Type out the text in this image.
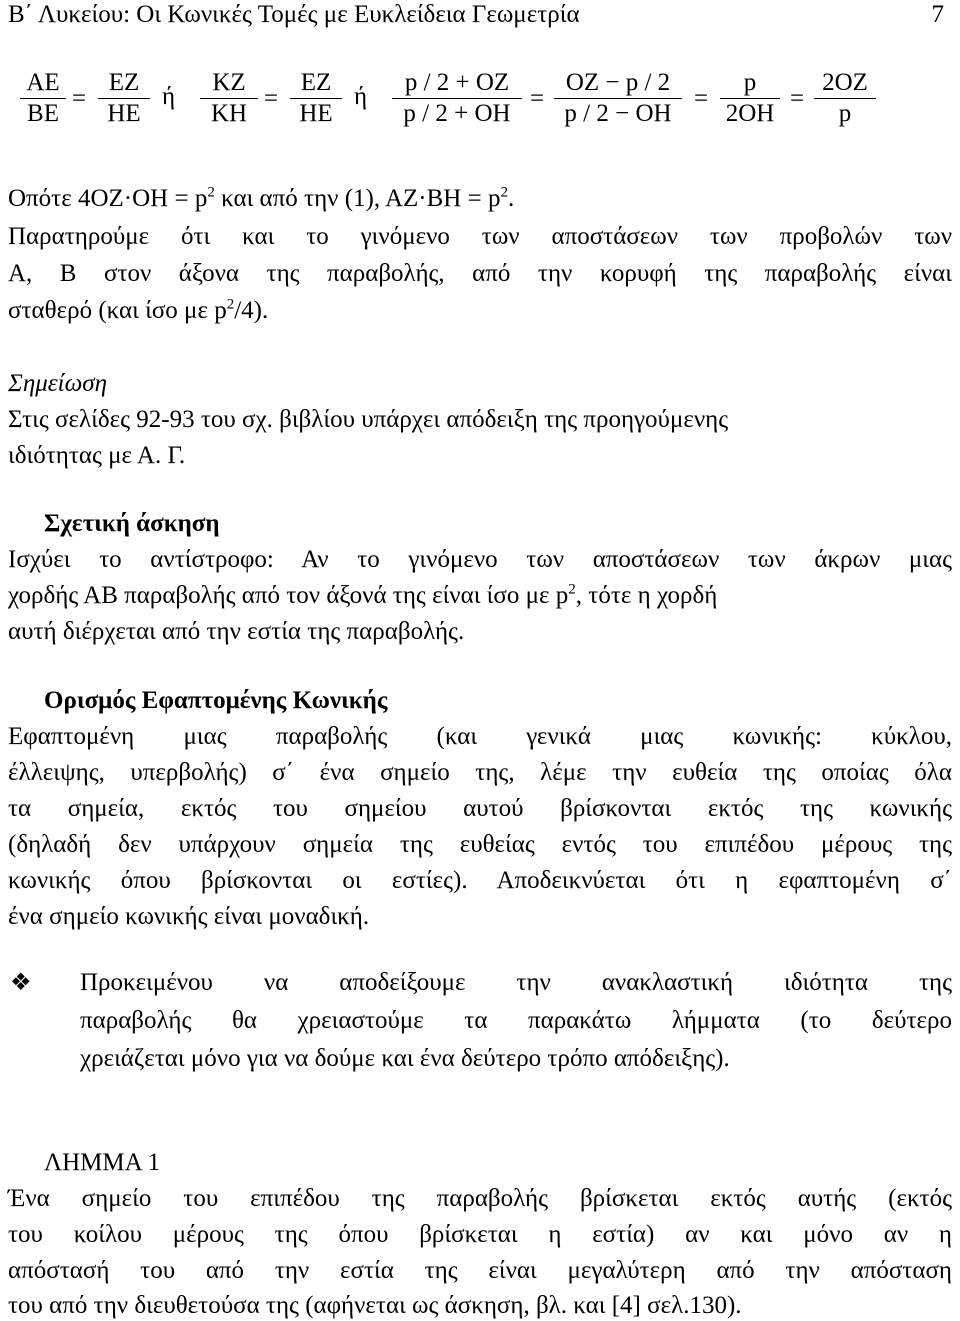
Β΄ Λυκείου: Οι Κωνικές Τομές με Ευκλείδεια Γεωμετρία	7
$\frac{AE}{BE} = \frac{EZ}{HE}$ ή $\frac{KZ}{KH} = \frac{EZ}{HE}$ ή $\frac{p / 2 + OZ}{p / 2 + OH} = \frac{OZ - p / 2}{p / 2 - OH} = \frac{p}{2OH} = \frac{2OZ}{p}$
Οπότε $4OZ\cdot OH = p^2$ και από την (1), $AZ\cdot BH = p^2$.
Παρατηρούμε ότι και το γινόμενο των αποστάσεων των προβολών των
Α, Β στον άξονα της παραβολής, από την κορυφή της παραβολής είναι
σταθερό (και ίσο με $p^2/4$).
Σημείωση
Στις σελίδες 92-93 του σχ. βιβλίου υπάρχει απόδειξη της προηγούμενης
ιδιότητας με Α. Γ.
Σχετική άσκηση
Ισχύει το αντίστροφο: Αν το γινόμενο των αποστάσεων των άκρων μιας
χορδής ΑΒ παραβολής από τον άξονά της είναι ίσο με $p^2$, τότε η χορδή
αυτή διέρχεται από την εστία της παραβολής.
Ορισμός Εφαπτομένης Κωνικής
Εφαπτομένη μιας παραβολής (και γενικά μιας κωνικής: κύκλου,
έλλειψης, υπερβολής) σ΄ ένα σημείο της, λέμε την ευθεία της οποίας όλα
τα σημεία, εκτός του σημείου αυτού βρίσκονται εκτός της κωνικής
(δηλαδή δεν υπάρχουν σημεία της ευθείας εντός του επιπέδου μέρους της
κωνικής όπου βρίσκονται οι εστίες). Αποδεικνύεται ότι η εφαπτομένη σ΄
ένα σημείο κωνικής είναι μοναδική.
❖ Προκειμένου να αποδείξουμε την ανακλαστική ιδιότητα της
παραβολής θα χρειαστούμε τα παρακάτω λήμματα (το δεύτερο
χρειάζεται μόνο για να δούμε και ένα δεύτερο τρόπο απόδειξης).
ΛΗΜΜΑ 1
Ένα σημείο του επιπέδου της παραβολής βρίσκεται εκτός αυτής (εκτός
του κοίλου μέρους της όπου βρίσκεται η εστία) αν και μόνο αν η
απόστασή του από την εστία της είναι μεγαλύτερη από την απόσταση
του από την διευθετούσα της (αφήνεται ως άσκηση, βλ. και [4] σελ.130).
